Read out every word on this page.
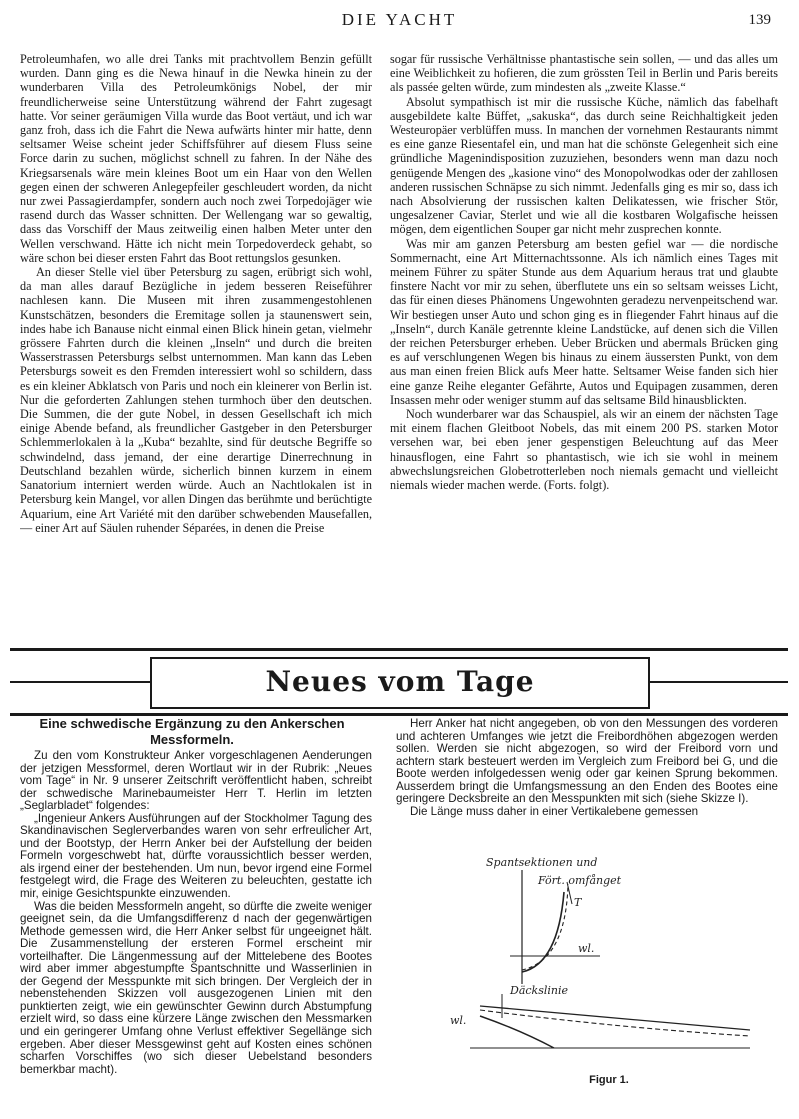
DIE YACHT	139

Petroleumhafen, wo alle drei Tanks mit prachtvollem Benzin gefüllt wurden. Dann ging es die Newa hinauf in die Newka hinein zu der wunderbaren Villa des Petroleumkönigs Nobel, der mir freundlicherweise seine Unterstützung während der Fahrt zugesagt hatte. Vor seiner geräumigen Villa wurde das Boot vertäut, und ich war ganz froh, dass ich die Fahrt die Newa aufwärts hinter mir hatte, denn seltsamer Weise scheint jeder Schiffsführer auf diesem Fluss seine Force darin zu suchen, möglichst schnell zu fahren. In der Nähe des Kriegsarsenals wäre mein kleines Boot um ein Haar von den Wellen gegen einen der schweren Anlegepfeiler geschleudert worden, da nicht nur zwei Passagierdampfer, sondern auch noch zwei Torpedojäger wie rasend durch das Wasser schnitten. Der Wellengang war so gewaltig, dass das Vorschiff der Maus zeitweilig einen halben Meter unter den Wellen verschwand. Hätte ich nicht mein Torpedoverdeck gehabt, so wäre schon bei dieser ersten Fahrt das Boot rettungslos gesunken.

An dieser Stelle viel über Petersburg zu sagen, erübrigt sich wohl, da man alles darauf Bezügliche in jedem besseren Reiseführer nachlesen kann. Die Museen mit ihren zusammengestohlenen Kunstschätzen, besonders die Eremitage sollen ja staunenswert sein, indes habe ich Banause nicht einmal einen Blick hinein getan, vielmehr grössere Fahrten durch die kleinen „Inseln“ und durch die breiten Wasserstrassen Petersburgs selbst unternommen. Man kann das Leben Petersburgs soweit es den Fremden interessiert wohl so schildern, dass es ein kleiner Abklatsch von Paris und noch ein kleinerer von Berlin ist. Nur die geforderten Zahlungen stehen turmhoch über den deutschen. Die Summen, die der gute Nobel, in dessen Gesellschaft ich mich einige Abende befand, als freundlicher Gastgeber in den Petersburger Schlemmerlokalen à la „Kuba“ bezahlte, sind für deutsche Begriffe so schwindelnd, dass jemand, der eine derartige Dinerrechnung in Deutschland bezahlen würde, sicherlich binnen kurzem in einem Sanatorium interniert werden würde. Auch an Nachtlokalen ist in Petersburg kein Mangel, vor allen Dingen das berühmte und berüchtigte Aquarium, eine Art Variété mit den darüber schwebenden Mausefallen, — einer Art auf Säulen ruhender Séparées, in denen die Preise

sogar für russische Verhältnisse phantastische sein sollen, — und das alles um eine Weiblichkeit zu hofieren, die zum grössten Teil in Berlin und Paris bereits als passée gelten würde, zum mindesten als „zweite Klasse.“

Absolut sympathisch ist mir die russische Küche, nämlich das fabelhaft ausgebildete kalte Büffet, „sakuska“, das durch seine Reichhaltigkeit jeden Westeuropäer verblüffen muss. In manchen der vornehmen Restaurants nimmt es eine ganze Riesentafel ein, und man hat die schönste Gelegenheit sich eine gründliche Magenindisposition zuzuziehen, besonders wenn man dazu noch genügende Mengen des „kasione vino“ des Monopolwodkas oder der zahllosen anderen russischen Schnäpse zu sich nimmt. Jedenfalls ging es mir so, dass ich nach Absolvierung der russischen kalten Delikatessen, wie frischer Stör, ungesalzener Caviar, Sterlet und wie all die kostbaren Wolgafische heissen mögen, dem eigentlichen Souper gar nicht mehr zusprechen konnte.

Was mir am ganzen Petersburg am besten gefiel war — die nordische Sommernacht, eine Art Mitternachtssonne. Als ich nämlich eines Tages mit meinem Führer zu später Stunde aus dem Aquarium heraus trat und glaubte finstere Nacht vor mir zu sehen, überflutete uns ein so seltsam weisses Licht, das für einen dieses Phänomens Ungewohnten geradezu nervenpeitschend war. Wir bestiegen unser Auto und schon ging es in fliegender Fahrt hinaus auf die „Inseln“, durch Kanäle getrennte kleine Landstücke, auf denen sich die Villen der reichen Petersburger erheben. Ueber Brücken und abermals Brücken ging es auf verschlungenen Wegen bis hinaus zu einem äussersten Punkt, von dem aus man einen freien Blick aufs Meer hatte. Seltsamer Weise fanden sich hier eine ganze Reihe eleganter Gefährte, Autos und Equipagen zusammen, deren Insassen mehr oder weniger stumm auf das seltsame Bild hinausblickten.

Noch wunderbarer war das Schauspiel, als wir an einem der nächsten Tage mit einem flachen Gleitboot Nobels, das mit einem 200 PS. starken Motor versehen war, bei eben jener gespenstigen Beleuchtung auf das Meer hinausflogen, eine Fahrt so phantastisch, wie ich sie wohl in meinem abwechslungsreichen Globetrotterleben noch niemals gemacht und vielleicht niemals wieder machen werde. (Forts. folgt).

Neues vom Tage
Eine schwedische Ergänzung zu den Ankerschen Messformeln.

Zu den vom Konstrukteur Anker vorgeschlagenen Aenderungen der jetzigen Messformel, deren Wortlaut wir in der Rubrik: „Neues vom Tage“ in Nr. 9 unserer Zeitschrift veröffentlicht haben, schreibt der schwedische Marinebaumeister Herr T. Herlin im letzten „Seglarbladet“ folgendes:

„Ingenieur Ankers Ausführungen auf der Stockholmer Tagung des Skandinavischen Seglerverbandes waren von sehr erfreulicher Art, und der Bootstyp, der Herrn Anker bei der Aufstellung der beiden Formeln vorgeschwebt hat, dürfte voraussichtlich besser werden, als irgend einer der bestehenden. Um nun, bevor irgend eine Formel festgelegt wird, die Frage des Weiteren zu beleuchten, gestatte ich mir, einige Gesichtspunkte einzuwenden.

Was die beiden Messformeln angeht, so dürfte die zweite weniger geeignet sein, da die Umfangsdifferenz d nach der gegenwärtigen Methode gemessen wird, die Herr Anker selbst für ungeeignet hält. Die Zusammenstellung der ersteren Formel erscheint mir vorteilhafter. Die Längenmessung auf der Mittelebene des Bootes wird aber immer abgestumpfte Spantschnitte und Wasserlinien in der Gegend der Messpunkte mit sich bringen. Der Vergleich der in nebenstehenden Skizzen voll ausgezogenen Linien mit den punktierten zeigt, wie ein gewünschter Gewinn durch Abstumpfung erzielt wird, so dass eine kürzere Länge zwischen den Messmarken und ein geringerer Umfang ohne Verlust effektiver Segellänge sich ergeben. Aber dieser Messgewinst geht auf Kosten eines schönen scharfen Vorschiffes (wo sich dieser Uebelstand besonders bemerkbar macht).

Herr Anker hat nicht angegeben, ob von den Messungen des vorderen und achteren Umfanges wie jetzt die Freibordhöhen abgezogen werden sollen. Werden sie nicht abgezogen, so wird der Freibord vorn und achtern stark besteuert werden im Vergleich zum Freibord bei G, und die Boote werden infolgedessen wenig oder gar keinen Sprung bekommen. Ausserdem bringt die Umfangsmessung an den Enden des Bootes eine geringere Decksbreite an den Messpunkten mit sich (siehe Skizze I).

Die Länge muss daher in einer Vertikalebene gemessen

Spantsektionen und
Fört. omfånget
T
wl.
Däckslinie
wl.
Figur 1.
